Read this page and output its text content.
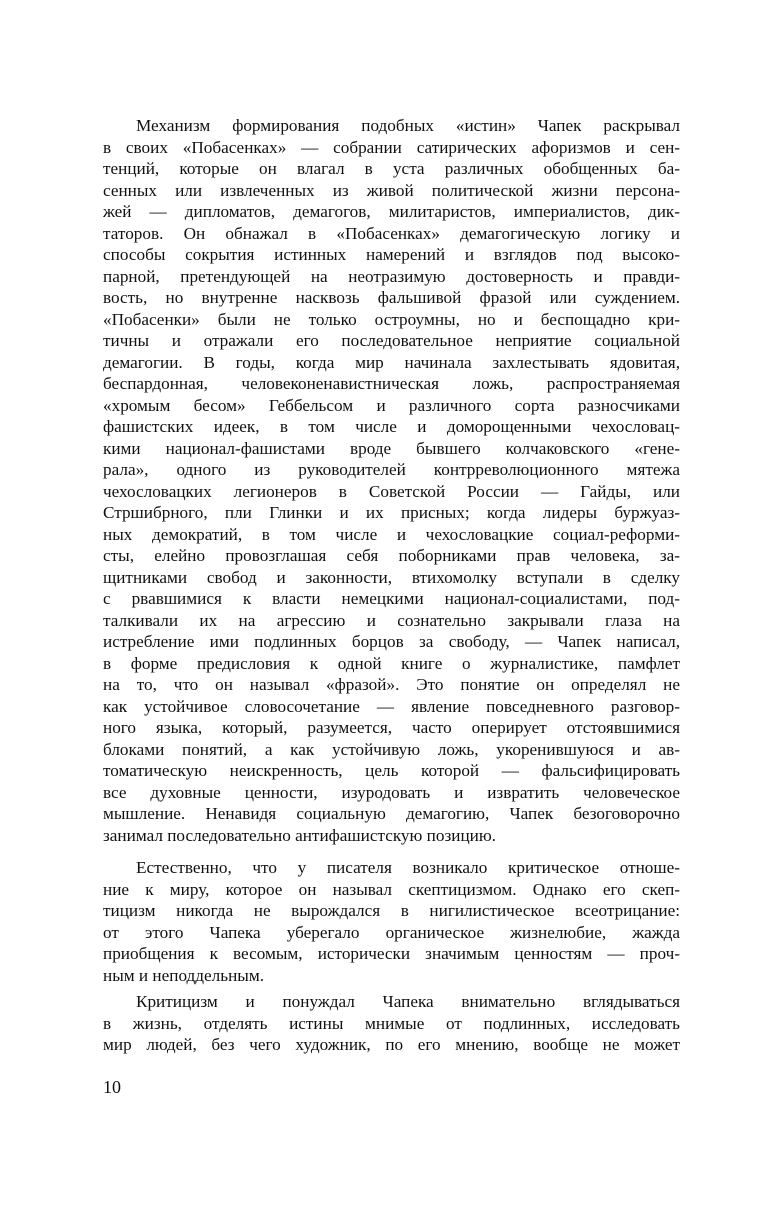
Механизм формирования подобных «истин» Чапек раскрывал
в своих «Побасенках» — собрании сатирических афоризмов и сен-
тенций, которые он влагал в уста различных обобщенных ба-
сенных или извлеченных из живой политической жизни персона-
жей — дипломатов, демагогов, милитаристов, империалистов, дик-
таторов. Он обнажал в «Побасенках» демагогическую логику и
способы сокрытия истинных намерений и взглядов под высоко-
парной, претендующей на неотразимую достоверность и правди-
вость, но внутренне насквозь фальшивой фразой или суждением.
«Побасенки» были не только остроумны, но и беспощадно кри-
тичны и отражали его последовательное неприятие социальной
демагогии. В годы, когда мир начинала захлестывать ядовитая,
беспардонная, человеконенавистническая ложь, распространяемая
«хромым бесом» Геббельсом и различного сорта разносчиками
фашистских идеек, в том числе и доморощенными чехословац-
кими национал-фашистами вроде бывшего колчаковского «гене-
рала», одного из руководителей контрреволюционного мятежа
чехословацких легионеров в Советской России — Гайды, или
Стршибрного, пли Глинки и их присных; когда лидеры буржуаз-
ных демократий, в том числе и чехословацкие социал-реформи-
сты, елейно провозглашая себя поборниками прав человека, за-
щитниками свобод и законности, втихомолку вступали в сделку
с рвавшимися к власти немецкими национал-социалистами, под-
талкивали их на агрессию и сознательно закрывали глаза на
истребление ими подлинных борцов за свободу, — Чапек написал,
в форме предисловия к одной книге о журналистике, памфлет
на то, что он называл «фразой». Это понятие он определял не
как устойчивое словосочетание — явление повседневного разговор-
ного языка, который, разумеется, часто оперирует отстоявшимися
блоками понятий, а как устойчивую ложь, укоренившуюся и ав-
томатическую неискренность, цель которой — фальсифицировать
все духовные ценности, изуродовать и извратить человеческое
мышление. Ненавидя социальную демагогию, Чапек безоговорочно
занимал последовательно антифашистскую позицию.
Естественно, что у писателя возникало критическое отноше-
ние к миру, которое он называл скептицизмом. Однако его скеп-
тицизм никогда не вырождался в нигилистическое всеотрицание:
от этого Чапека уберегало органическое жизнелюбие, жажда
приобщения к весомым, исторически значимым ценностям — проч-
ным и неподдельным.
Критицизм и понуждал Чапека внимательно вглядываться
в жизнь, отделять истины мнимые от подлинных, исследовать
мир людей, без чего художник, по его мнению, вообще не может
10
